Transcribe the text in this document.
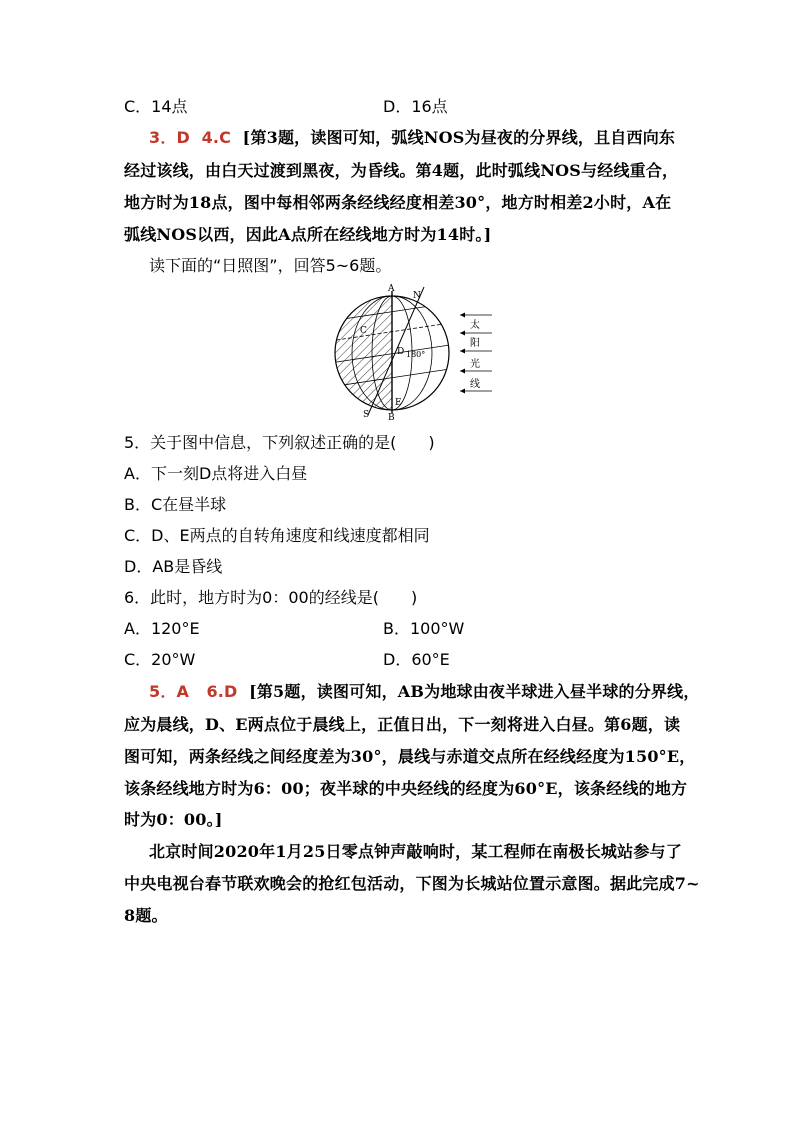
C．14点	D．16点
3．D 4.C [第3题，读图可知，弧线NOS为昼夜的分界线，且自西向东
经过该线，由白天过渡到黑夜，为昏线。第4题，此时弧线NOS与经线重合，
地方时为18点，图中每相邻两条经线经度相差30°，地方时相差2小时，A在
弧线NOS以西，因此A点所在经线地方时为14时。]
读下面的“日照图”，回答5~6题。
A
N
C
D 180°
S
E
B
太
阳
光
线
5．关于图中信息，下列叙述正确的是(　　)
A．下一刻D点将进入白昼
B．C在昼半球
C．D、E两点的自转角速度和线速度都相同
D．AB是昏线
6．此时，地方时为0：00的经线是(　　)
A．120°E	B．100°W
C．20°W	D．60°E
5．A 6.D [第5题，读图可知，AB为地球由夜半球进入昼半球的分界线，
应为晨线，D、E两点位于晨线上，正值日出，下一刻将进入白昼。第6题，读
图可知，两条经线之间经度差为30°，晨线与赤道交点所在经线经度为150°E，
该条经线地方时为6：00；夜半球的中央经线的经度为60°E，该条经线的地方
时为0：00。]
北京时间2020年1月25日零点钟声敲响时，某工程师在南极长城站参与了
中央电视台春节联欢晚会的抢红包活动，下图为长城站位置示意图。据此完成7~
8题。
